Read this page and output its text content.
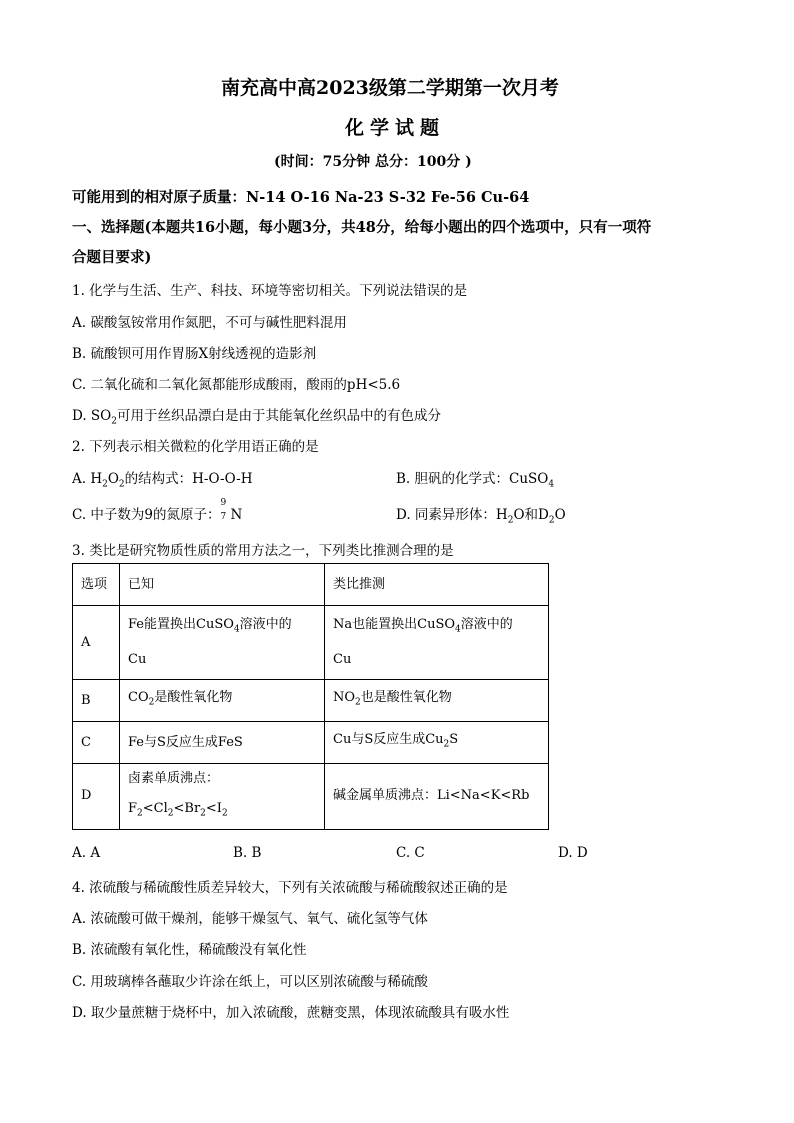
南充高中高2023级第二学期第一次月考
化学试题
(时间：75分钟 总分：100分 )
可能用到的相对原子质量：N-14 O-16 Na-23 S-32 Fe-56 Cu-64
一、选择题(本题共16小题，每小题3分，共48分，给每小题出的四个选项中，只有一项符
合题目要求)
1. 化学与生活、生产、科技、环境等密切相关。下列说法错误的是
A. 碳酸氢铵常用作氮肥，不可与碱性肥料混用
B. 硫酸钡可用作胃肠X射线透视的造影剂
C. 二氧化硫和二氧化氮都能形成酸雨，酸雨的pH<5.6
D. $SO_2$可用于丝织品漂白是由于其能氧化丝织品中的有色成分
2. 下列表示相关微粒的化学用语正确的是
A. $H_2O_2$的结构式：H-O-O-H	B. 胆矾的化学式：CuSO$_4$
C. 中子数为9的氮原子：
9
7 N	D. 同素异形体：$H_2O$和$D_2O$
3. 类比是研究物质性质的常用方法之一，下列类比推测合理的是
选项	已知	类比推测
A	Fe能置换出CuSO$_4$溶液中的
Cu	Na也能置换出CuSO$_4$溶液中的
Cu
B	$CO_2$是酸性氧化物	$NO_2$也是酸性氧化物
C	Fe与S反应生成FeS	Cu与S反应生成$Cu_2S$
D	卤素单质沸点：$F_2<Cl_2<Br_2<I_2$	碱金属单质沸点：Li<Na<K<Rb
A. A	B. B	C. C	D. D
4. 浓硫酸与稀硫酸性质差异较大，下列有关浓硫酸与稀硫酸叙述正确的是
A. 浓硫酸可做干燥剂，能够干燥氢气、氧气、硫化氢等气体
B. 浓硫酸有氧化性，稀硫酸没有氧化性
C. 用玻璃棒各蘸取少许涂在纸上，可以区别浓硫酸与稀硫酸
D. 取少量蔗糖于烧杯中，加入浓硫酸，蔗糖变黑，体现浓硫酸具有吸水性
